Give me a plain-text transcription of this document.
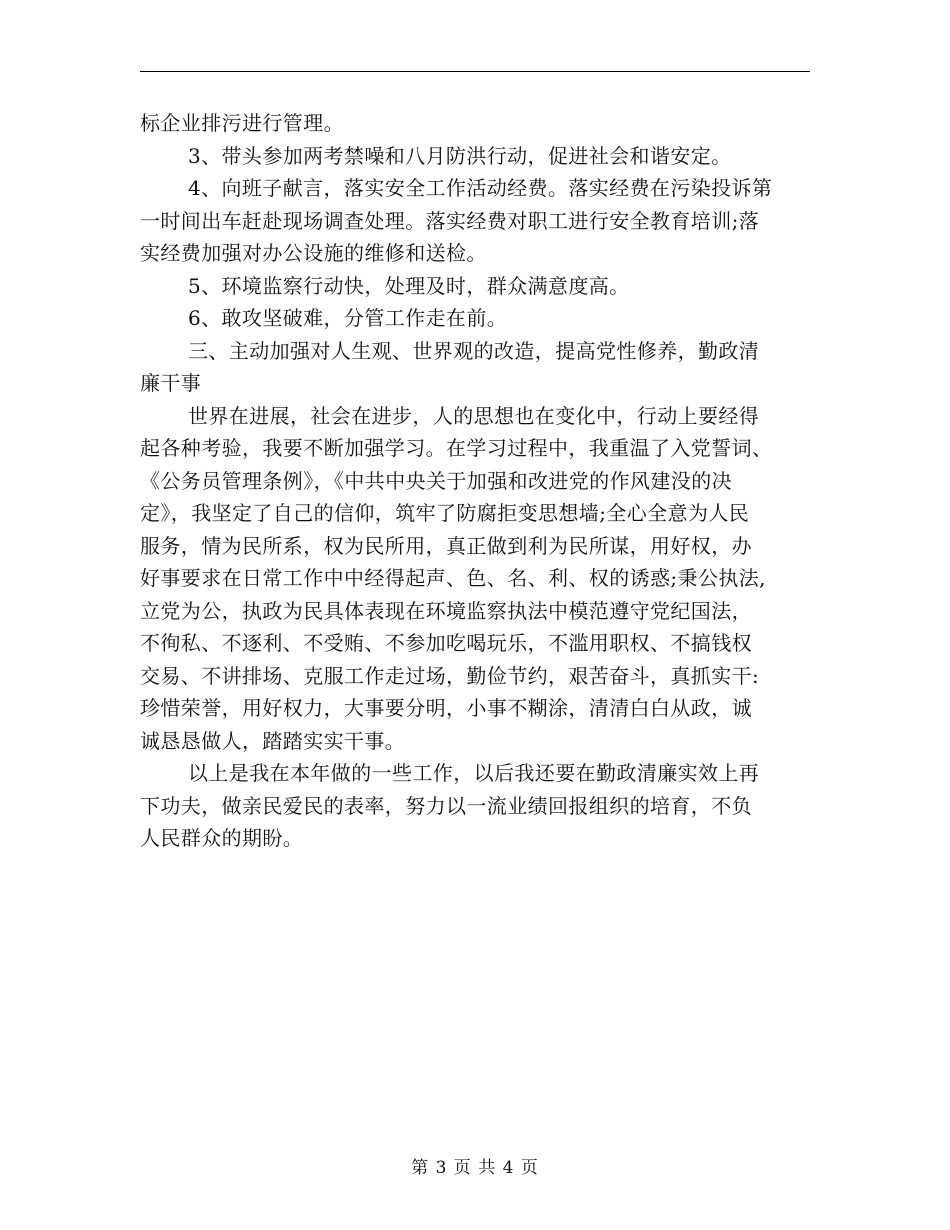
标企业排污进行管理。
3、带头参加两考禁噪和八月防洪行动，促进社会和谐安定。
4、向班子献言，落实安全工作活动经费。落实经费在污染投诉第
一时间出车赶赴现场调查处理。落实经费对职工进行安全教育培训;落
实经费加强对办公设施的维修和送检。
5、环境监察行动快，处理及时，群众满意度高。
6、敢攻坚破难，分管工作走在前。
三、主动加强对人生观、世界观的改造，提高党性修养，勤政清
廉干事
世界在进展，社会在进步，人的思想也在变化中，行动上要经得
起各种考验，我要不断加强学习。在学习过程中，我重温了入党誓词、
《公务员管理条例》，《中共中央关于加强和改进党的作风建没的决
定》，我坚定了自己的信仰，筑牢了防腐拒变思想墙;全心全意为人民
服务，情为民所系，权为民所用，真正做到利为民所谋，用好权，办
好事要求在日常工作中中经得起声、色、名、利、权的诱惑;秉公执法,
立党为公，执政为民具体表现在环境监察执法中模范遵守党纪国法，
不徇私、不逐利、不受贿、不参加吃喝玩乐，不滥用职权、不搞钱权
交易、不讲排场、克服工作走过场，勤俭节约，艰苦奋斗，真抓实干:
珍惜荣誉，用好权力，大事要分明，小事不糊涂，清清白白从政，诚
诚恳恳做人，踏踏实实干事。
以上是我在本年做的一些工作，以后我还要在勤政清廉实效上再
下功夫，做亲民爱民的表率，努力以一流业绩回报组织的培育，不负
人民群众的期盼。
第 3 页 共 4 页
